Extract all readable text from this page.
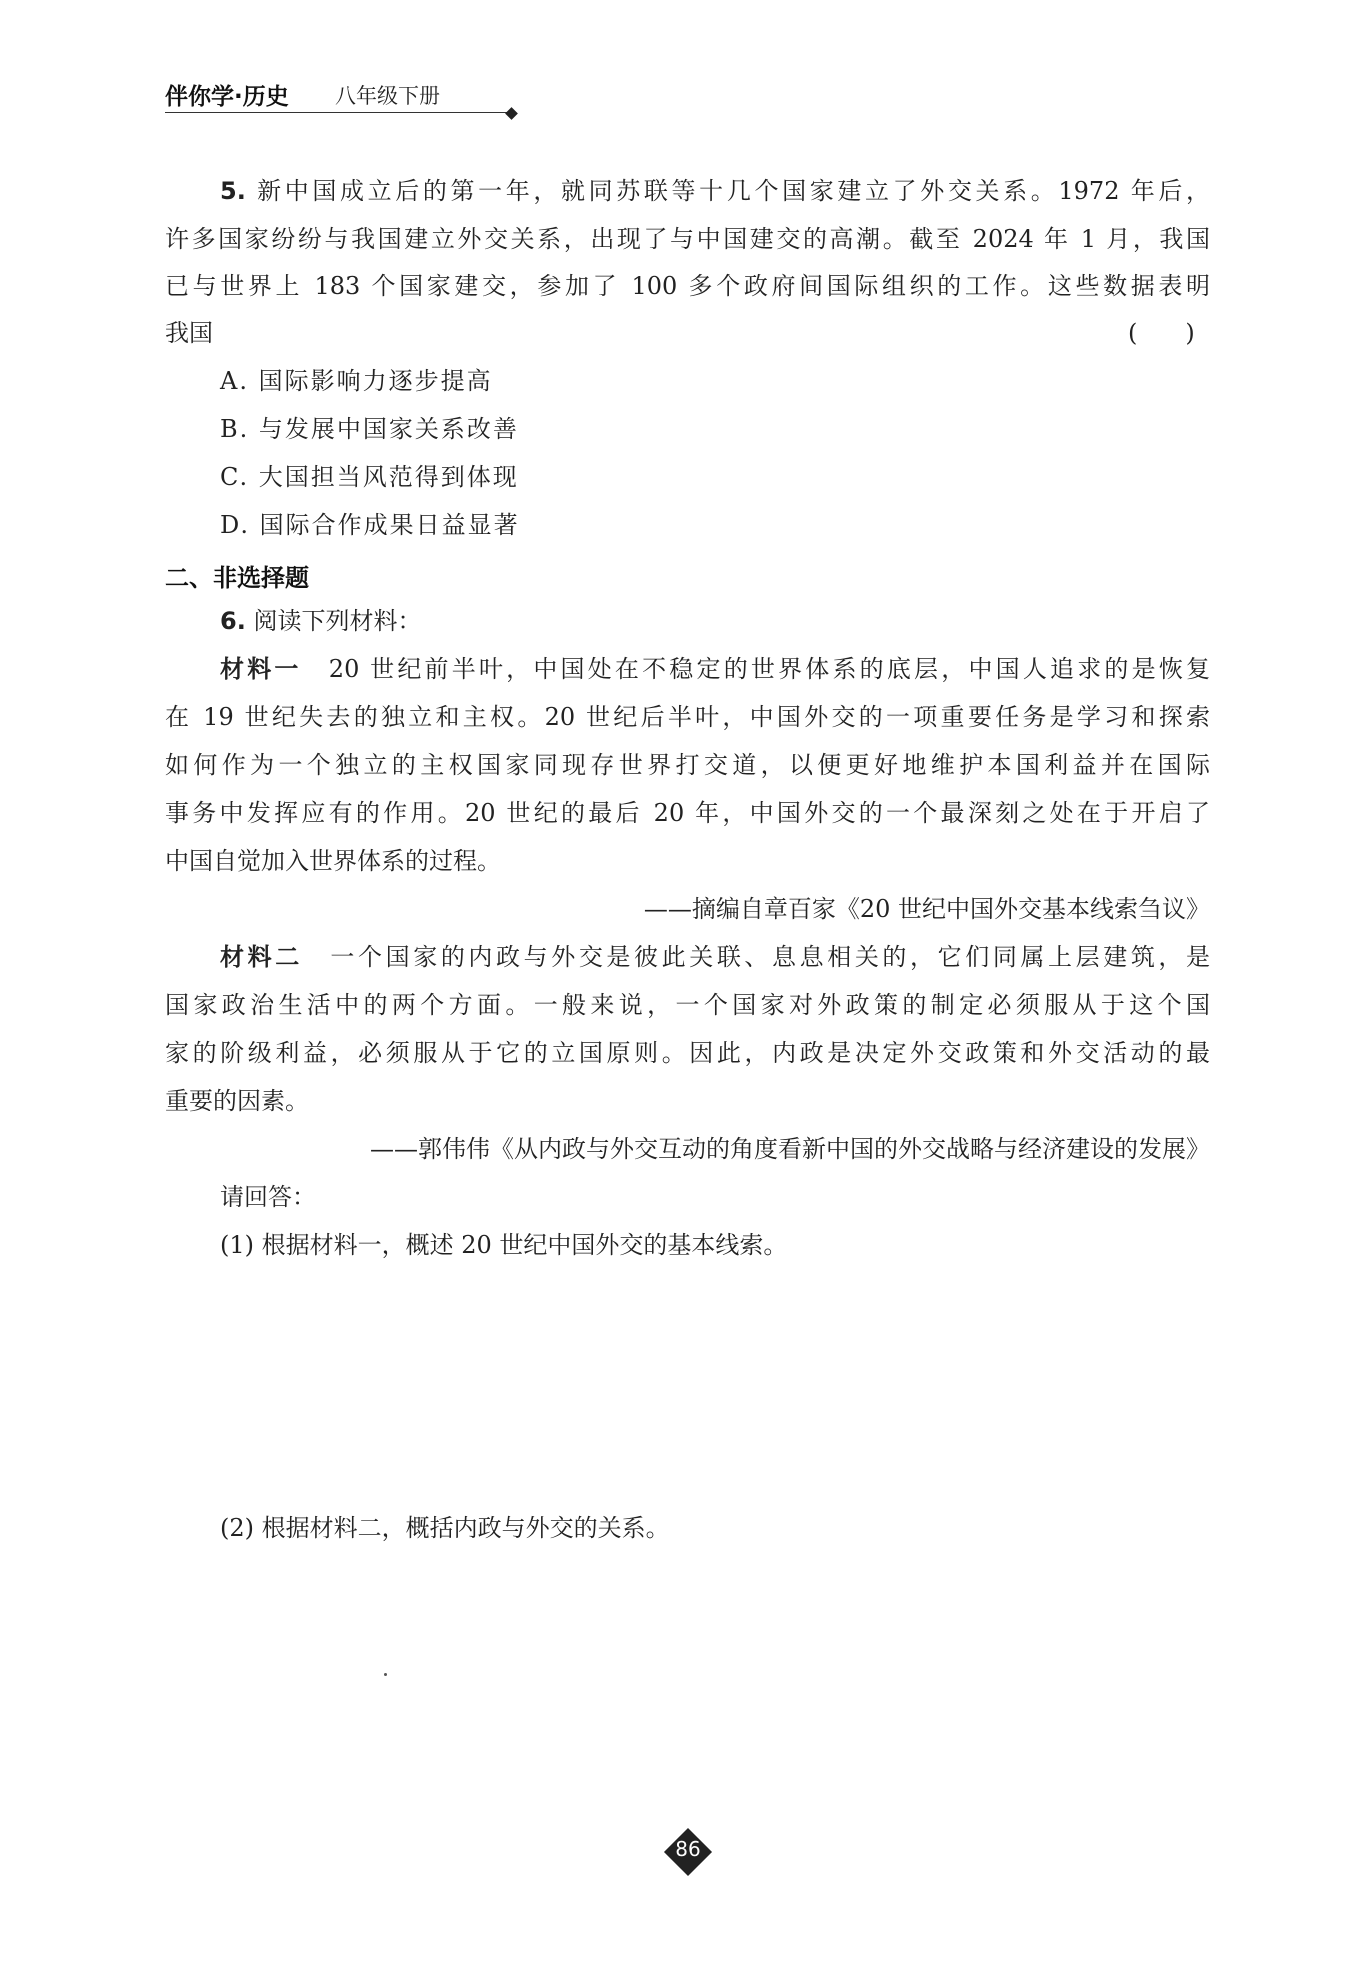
伴你学·历史 八年级下册
5. 新中国成立后的第一年，就同苏联等十几个国家建立了外交关系。1972 年后，
许多国家纷纷与我国建立外交关系，出现了与中国建交的高潮。截至 2024 年 1 月，我国
已与世界上 183 个国家建交，参加了 100 多个政府间国际组织的工作。这些数据表明
我国	(　　)
A. 国际影响力逐步提高
B. 与发展中国家关系改善
C. 大国担当风范得到体现
D. 国际合作成果日益显著
二、非选择题
6. 阅读下列材料：
材料一　 20 世纪前半叶，中国处在不稳定的世界体系的底层，中国人追求的是恢复
在 19 世纪失去的独立和主权。20 世纪后半叶，中国外交的一项重要任务是学习和探索
如何作为一个独立的主权国家同现存世界打交道，以便更好地维护本国利益并在国际
事务中发挥应有的作用。20 世纪的最后 20 年，中国外交的一个最深刻之处在于开启了
中国自觉加入世界体系的过程。
——摘编自章百家《20 世纪中国外交基本线索刍议》
材料二　 一个国家的内政与外交是彼此关联、息息相关的，它们同属上层建筑，是
国家政治生活中的两个方面。一般来说，一个国家对外政策的制定必须服从于这个国
家的阶级利益，必须服从于它的立国原则。因此，内政是决定外交政策和外交活动的最
重要的因素。
——郭伟伟《从内政与外交互动的角度看新中国的外交战略与经济建设的发展》
请回答：
(1) 根据材料一，概述 20 世纪中国外交的基本线索。
(2) 根据材料二，概括内政与外交的关系。
86
